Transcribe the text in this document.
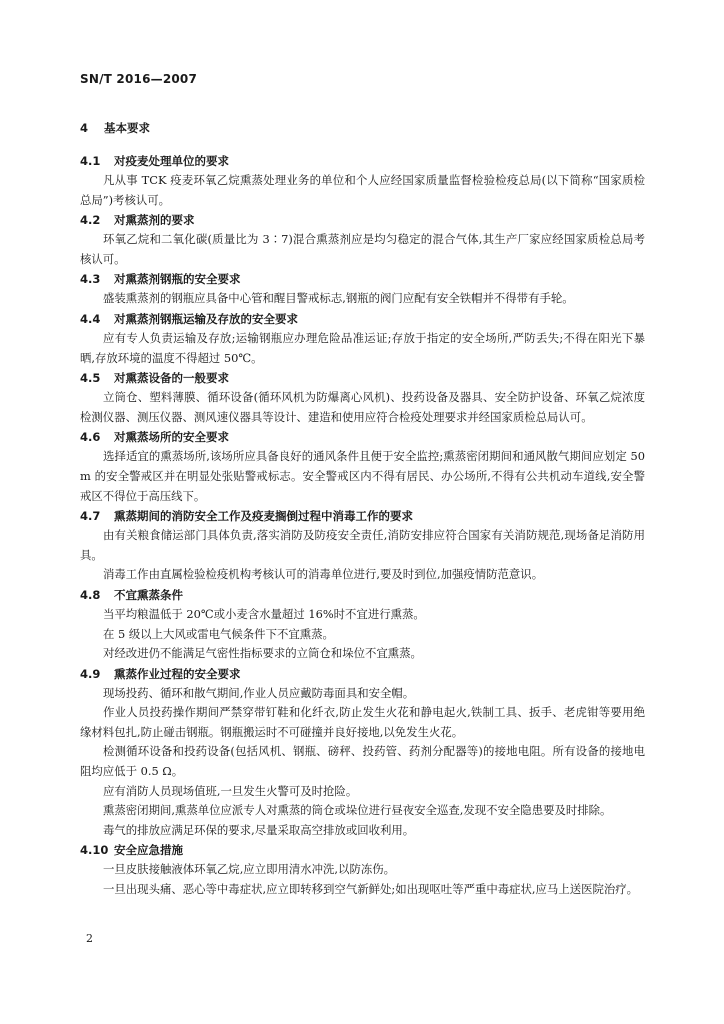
SN/T 2016—2007
4 基本要求
4.1 对疫麦处理单位的要求

凡从事 TCK 疫麦环氧乙烷熏蒸处理业务的单位和个人应经国家质量监督检验检疫总局(以下简称“国家质检总局”)考核认可。

4.2 对熏蒸剂的要求

环氧乙烷和二氧化碳(质量比为 3∶7)混合熏蒸剂应是均匀稳定的混合气体,其生产厂家应经国家质检总局考核认可。

4.3 对熏蒸剂钢瓶的安全要求

盛装熏蒸剂的钢瓶应具备中心管和醒目警戒标志,钢瓶的阀门应配有安全铁帽并不得带有手轮。

4.4 对熏蒸剂钢瓶运输及存放的安全要求

应有专人负责运输及存放;运输钢瓶应办理危险品准运证;存放于指定的安全场所,严防丢失;不得在阳光下暴晒,存放环境的温度不得超过 50℃。

4.5 对熏蒸设备的一般要求

立筒仓、塑料薄膜、循环设备(循环风机为防爆离心风机)、投药设备及器具、安全防护设备、环氧乙烷浓度检测仪器、测压仪器、测风速仪器具等设计、建造和使用应符合检疫处理要求并经国家质检总局认可。

4.6 对熏蒸场所的安全要求

选择适宜的熏蒸场所,该场所应具备良好的通风条件且便于安全监控;熏蒸密闭期间和通风散气期间应划定 50 m 的安全警戒区并在明显处张贴警戒标志。安全警戒区内不得有居民、办公场所,不得有公共机动车道线,安全警戒区不得位于高压线下。

4.7 熏蒸期间的消防安全工作及疫麦搁倒过程中消毒工作的要求

由有关粮食储运部门具体负责,落实消防及防疫安全责任,消防安排应符合国家有关消防规范,现场备足消防用具。

消毒工作由直属检验检疫机构考核认可的消毒单位进行,要及时到位,加强疫情防范意识。

4.8 不宜熏蒸条件

当平均粮温低于 20℃或小麦含水量超过 16%时不宜进行熏蒸。

在 5 级以上大风或雷电气候条件下不宜熏蒸。

对经改进仍不能满足气密性指标要求的立筒仓和垛位不宜熏蒸。

4.9 熏蒸作业过程的安全要求

现场投药、循环和散气期间,作业人员应戴防毒面具和安全帽。

作业人员投药操作期间严禁穿带钉鞋和化纤衣,防止发生火花和静电起火,铁制工具、扳手、老虎钳等要用绝缘材料包扎,防止碰击钢瓶。钢瓶搬运时不可碰撞并良好接地,以免发生火花。

检测循环设备和投药设备(包括风机、钢瓶、磅秤、投药管、药剂分配器等)的接地电阻。所有设备的接地电阻均应低于 0.5 Ω。

应有消防人员现场值班,一旦发生火警可及时抢险。

熏蒸密闭期间,熏蒸单位应派专人对熏蒸的筒仓或垛位进行昼夜安全巡查,发现不安全隐患要及时排除。

毒气的排放应满足环保的要求,尽量采取高空排放或回收利用。

4.10 安全应急措施

一旦皮肤接触液体环氧乙烷,应立即用清水冲洗,以防冻伤。

一旦出现头痛、恶心等中毒症状,应立即转移到空气新鲜处;如出现呕吐等严重中毒症状,应马上送医院治疗。

2
